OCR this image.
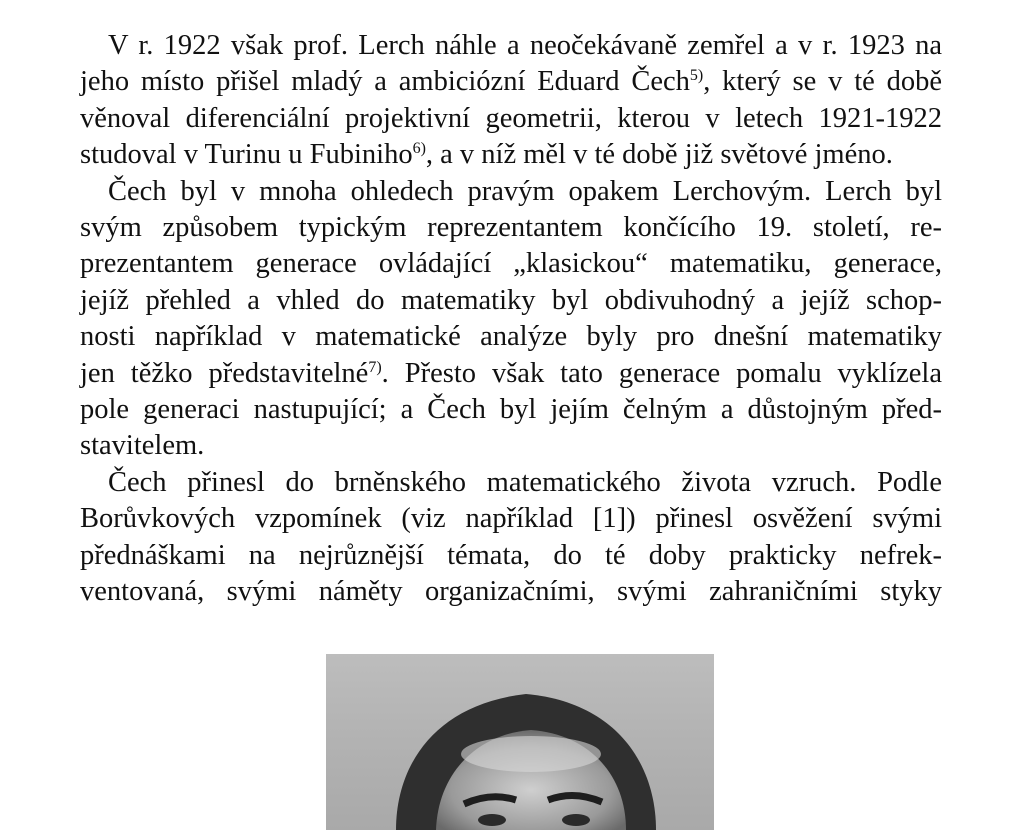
V r. 1922 však prof. Lerch náhle a neočekávaně zemřel a v r. 1923 na
jeho místo přišel mladý a ambiciózní Eduard Čech$^{5)}$, který se v té době
věnoval diferenciální projektivní geometrii, kterou v letech 1921-1922
studoval v Turinu u Fubiniho$^{6)}$, a v níž měl v té době již světové jméno.

Čech byl v mnoha ohledech pravým opakem Lerchovým. Lerch byl
svým způsobem typickým reprezentantem končícího 19. století, re-
prezentantem generace ovládající „klasickou“ matematiku, generace,
jejíž přehled a vhled do matematiky byl obdivuhodný a jejíž schop-
nosti například v matematické analýze byly pro dnešní matematiky
jen těžko představitelné$^{7)}$. Přesto však tato generace pomalu vyklízela
pole generaci nastupující; a Čech byl jejím čelným a důstojným před-
stavitelem.

Čech přinesl do brněnského matematického života vzruch. Podle
Borůvkových vzpomínek (viz například [1]) přinesl osvěžení svými
přednáškami na nejrůznější témata, do té doby prakticky nefrek-
ventovaná, svými náměty organizačními, svými zahraničními styky
